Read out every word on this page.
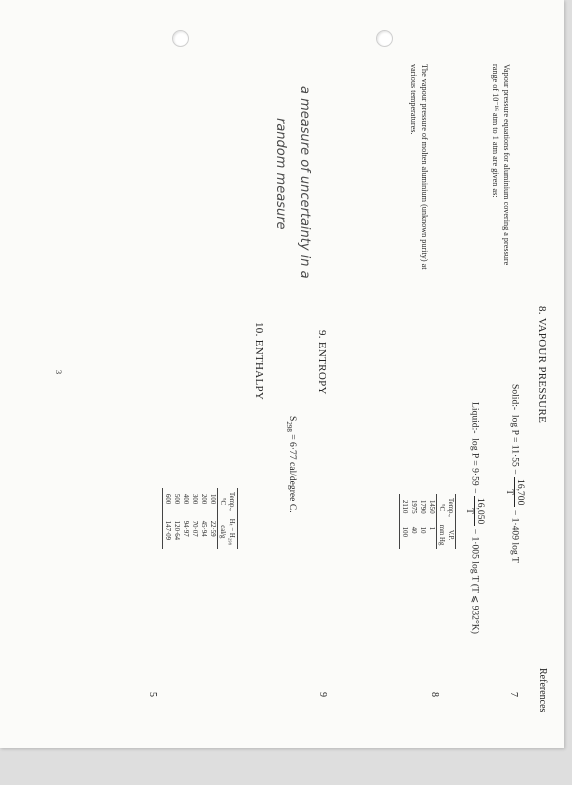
References
7
8
9
5
8. VAPOUR PRESSURE
Vapour pressure equations for aluminium covering a pressure
range of 10⁻¹⁶ atm to 1 atm are given as:
Solid:-  log P = 11·55 −
16,700
T
− 1·409 log T
Liquid:-  log P = 9·59 −
16,050
T
− 1·005 log T (T ⩽ 932°K)
The vapour pressure of molten aluminium (unknown purity) at
various temperatures.
Temp.,	V.P.
°C	mm Hg
1450	1
1790	10
1975	40
2110	100
9. ENTROPY
$S_{298} = 6\cdot 77$ cal/degree C.
10. ENTHALPY
Temp.,	Hₜ − H₂₉₈
°C	cal/g
100	22·59
200	45·94
300	70·07
400	94·97
500	120·64
600	147·09
a measure of uncertainty in a
random measure
3
